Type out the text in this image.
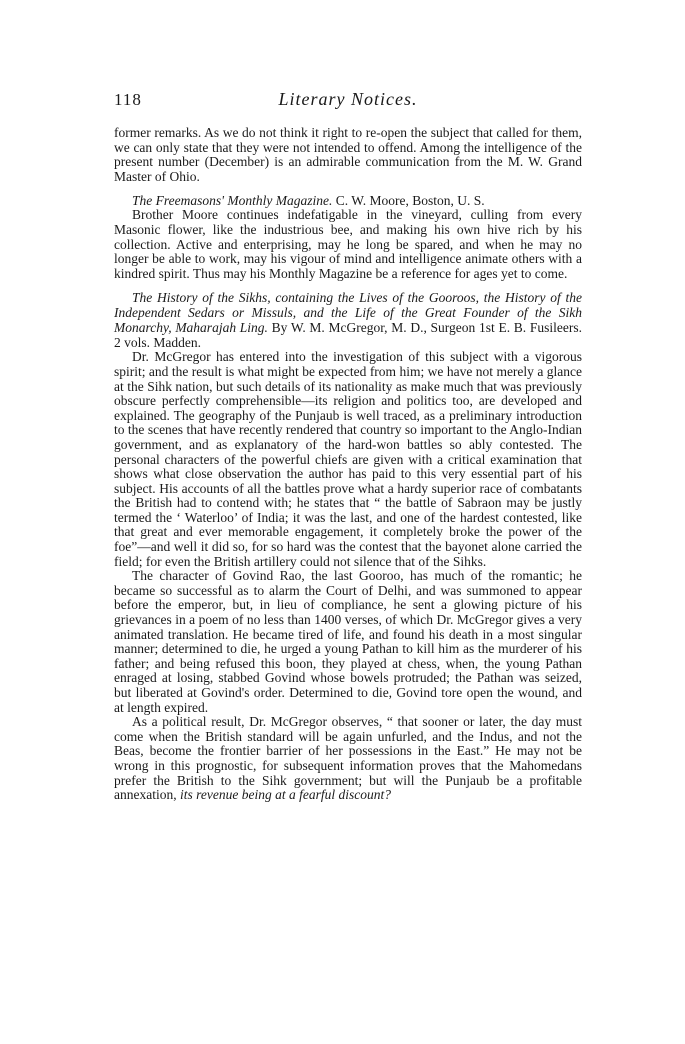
118	Literary Notices.

former remarks. As we do not think it right to re-open the subject that called for them, we can only state that they were not intended to offend. Among the intelligence of the present number (December) is an admirable communication from the M. W. Grand Master of Ohio.

The Freemasons' Monthly Magazine. C. W. Moore, Boston, U. S.

Brother Moore continues indefatigable in the vineyard, culling from every Masonic flower, like the industrious bee, and making his own hive rich by his collection. Active and enterprising, may he long be spared, and when he may no longer be able to work, may his vigour of mind and intelligence animate others with a kindred spirit. Thus may his Monthly Magazine be a reference for ages yet to come.

The History of the Sikhs, containing the Lives of the Gooroos, the History of the Independent Sedars or Missuls, and the Life of the Great Founder of the Sikh Monarchy, Maharajah Ling. By W. M. McGregor, M. D., Surgeon 1st E. B. Fusileers. 2 vols. Madden.

Dr. McGregor has entered into the investigation of this subject with a vigorous spirit; and the result is what might be expected from him; we have not merely a glance at the Sihk nation, but such details of its nationality as make much that was previously obscure perfectly comprehensible—its religion and politics too, are developed and explained. The geography of the Punjaub is well traced, as a preliminary introduction to the scenes that have recently rendered that country so important to the Anglo-Indian government, and as explanatory of the hard-won battles so ably contested. The personal characters of the powerful chiefs are given with a critical examination that shows what close observation the author has paid to this very essential part of his subject. His accounts of all the battles prove what a hardy superior race of combatants the British had to contend with; he states that “ the battle of Sabraon may be justly termed the ‘ Waterloo’ of India; it was the last, and one of the hardest contested, like that great and ever memorable engagement, it completely broke the power of the foe”—and well it did so, for so hard was the contest that the bayonet alone carried the field; for even the British artillery could not silence that of the Sihks.

The character of Govind Rao, the last Gooroo, has much of the romantic; he became so successful as to alarm the Court of Delhi, and was summoned to appear before the emperor, but, in lieu of compliance, he sent a glowing picture of his grievances in a poem of no less than 1400 verses, of which Dr. McGregor gives a very animated translation. He became tired of life, and found his death in a most singular manner; determined to die, he urged a young Pathan to kill him as the murderer of his father; and being refused this boon, they played at chess, when, the young Pathan enraged at losing, stabbed Govind whose bowels protruded; the Pathan was seized, but liberated at Govind's order. Determined to die, Govind tore open the wound, and at length expired.

As a political result, Dr. McGregor observes, “ that sooner or later, the day must come when the British standard will be again unfurled, and the Indus, and not the Beas, become the frontier barrier of her possessions in the East.” He may not be wrong in this prognostic, for subsequent information proves that the Mahomedans prefer the British to the Sihk government; but will the Punjaub be a profitable annexation, its revenue being at a fearful discount?
